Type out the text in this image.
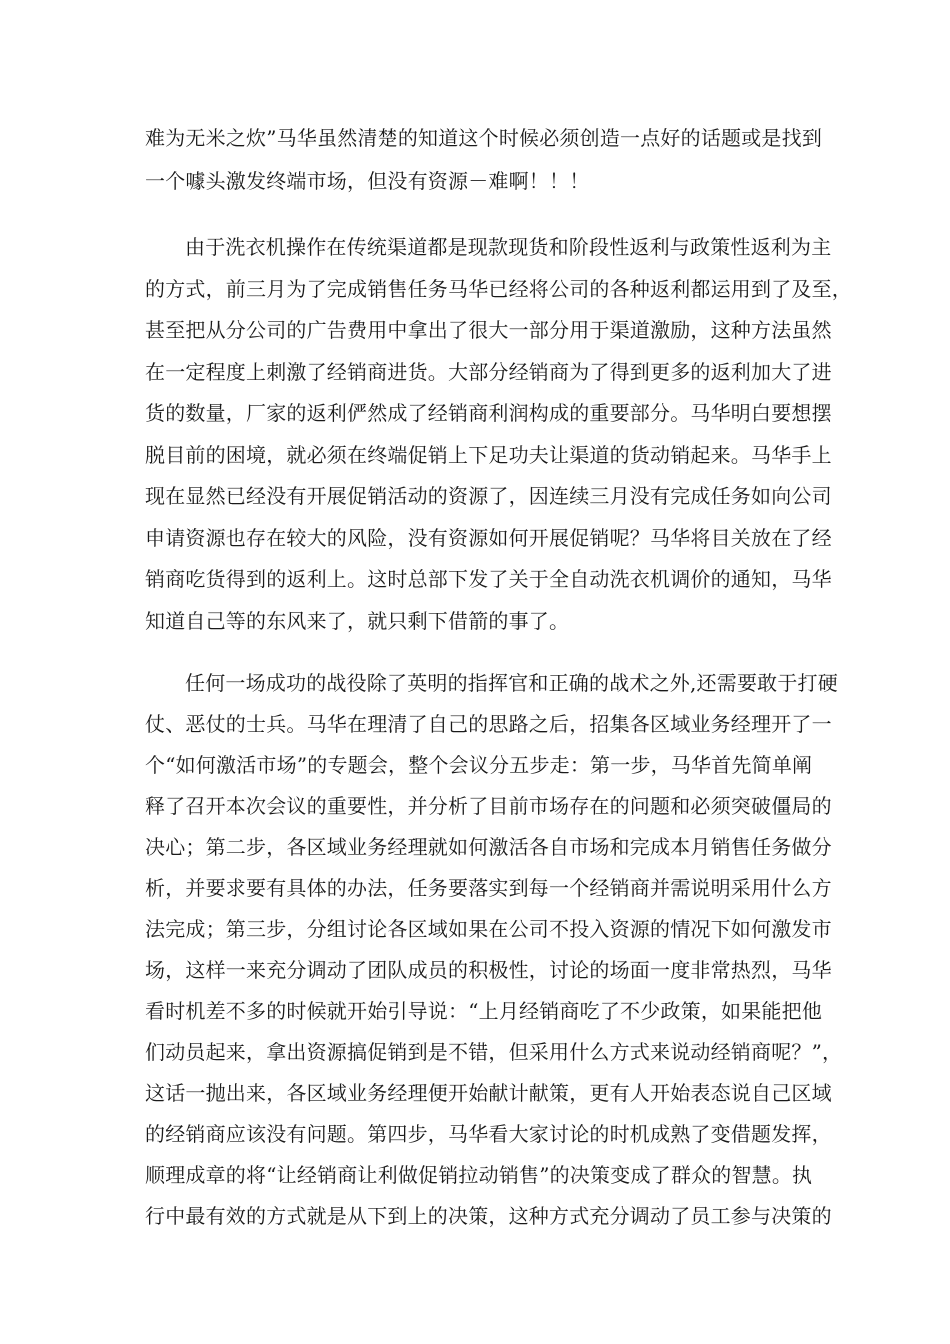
难为无米之炊”马华虽然清楚的知道这个时候必须创造一点好的话题或是找到
一个噱头激发终端市场，但没有资源－难啊！！！
由于洗衣机操作在传统渠道都是现款现货和阶段性返利与政策性返利为主
的方式，前三月为了完成销售任务马华已经将公司的各种返利都运用到了及至，
甚至把从分公司的广告费用中拿出了很大一部分用于渠道激励，这种方法虽然
在一定程度上刺激了经销商进货。大部分经销商为了得到更多的返利加大了进
货的数量，厂家的返利俨然成了经销商利润构成的重要部分。马华明白要想摆
脱目前的困境，就必须在终端促销上下足功夫让渠道的货动销起来。马华手上
现在显然已经没有开展促销活动的资源了，因连续三月没有完成任务如向公司
申请资源也存在较大的风险，没有资源如何开展促销呢？马华将目关放在了经
销商吃货得到的返利上。这时总部下发了关于全自动洗衣机调价的通知，马华
知道自己等的东风来了，就只剩下借箭的事了。
任何一场成功的战役除了英明的指挥官和正确的战术之外,还需要敢于打硬
仗、恶仗的士兵。马华在理清了自己的思路之后，招集各区域业务经理开了一
个“如何激活市场”的专题会，整个会议分五步走：第一步，马华首先简单阐
释了召开本次会议的重要性，并分析了目前市场存在的问题和必须突破僵局的
决心；第二步，各区域业务经理就如何激活各自市场和完成本月销售任务做分
析，并要求要有具体的办法，任务要落实到每一个经销商并需说明采用什么方
法完成；第三步，分组讨论各区域如果在公司不投入资源的情况下如何激发市
场，这样一来充分调动了团队成员的积极性，讨论的场面一度非常热烈，马华
看时机差不多的时候就开始引导说：“上月经销商吃了不少政策，如果能把他
们动员起来，拿出资源搞促销到是不错，但采用什么方式来说动经销商呢？”，
这话一抛出来，各区域业务经理便开始献计献策，更有人开始表态说自己区域
的经销商应该没有问题。第四步，马华看大家讨论的时机成熟了变借题发挥，
顺理成章的将“让经销商让利做促销拉动销售”的决策变成了群众的智慧。执
行中最有效的方式就是从下到上的决策，这种方式充分调动了员工参与决策的
